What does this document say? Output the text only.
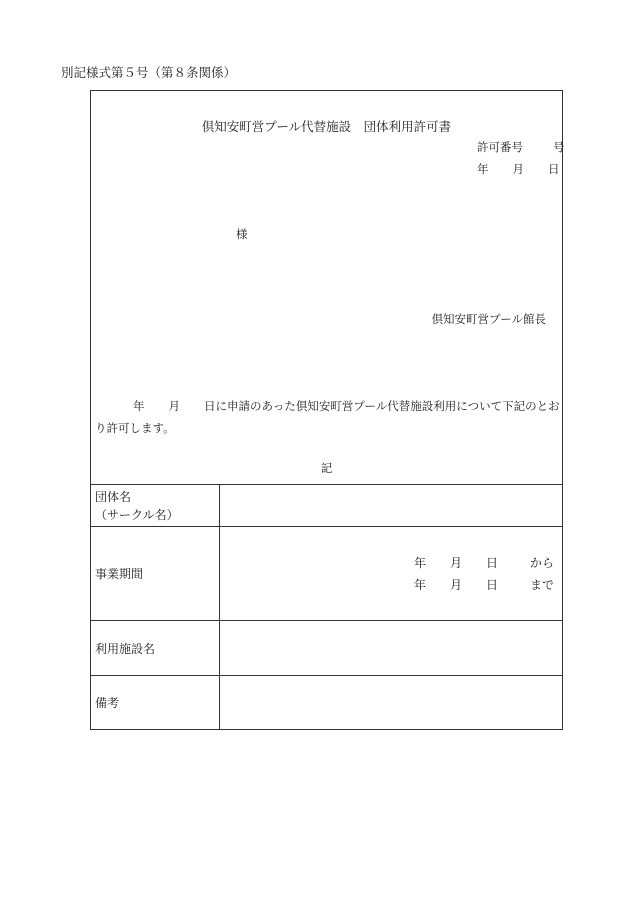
別記様式第５号（第８条関係）
倶知安町営プール代替施設　団体利用許可書
許可番号	号
年 月 日
様
倶知安町営プール館長
年 月 日に申請のあった倶知安町営プール代替施設利用について下記のとおり許可します。
記
団体名
（サークル名）	

事業期間	年 月 日 から
年 月 日 まで

利用施設名	
備考	
